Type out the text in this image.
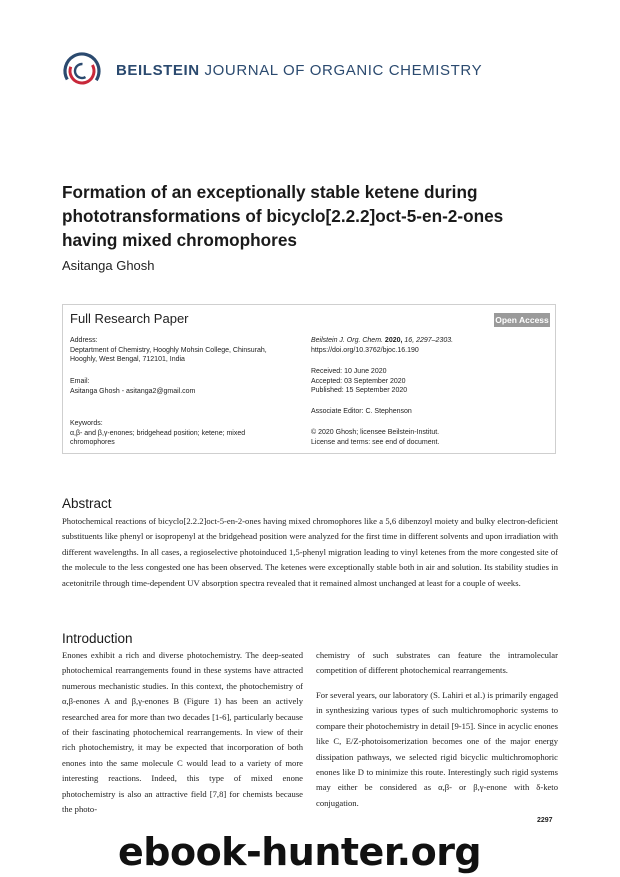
BEILSTEIN JOURNAL OF ORGANIC CHEMISTRY
Formation of an exceptionally stable ketene during phototransformations of bicyclo[2.2.2]oct-5-en-2-ones having mixed chromophores
Asitanga Ghosh
Full Research Paper	Open Access
Address:
Deptartment of Chemistry, Hooghly Mohsin College, Chinsurah, Hooghly, West Bengal, 712101, India
Email:
Asitanga Ghosh - asitanga2@gmail.com
Keywords:
α,β- and β,γ-enones; bridgehead position; ketene; mixed chromophores
Beilstein J. Org. Chem. 2020, 16, 2297–2303.
https://doi.org/10.3762/bjoc.16.190
Received: 10 June 2020
Accepted: 03 September 2020
Published: 15 September 2020
Associate Editor: C. Stephenson
© 2020 Ghosh; licensee Beilstein-Institut.
License and terms: see end of document.
Abstract
Photochemical reactions of bicyclo[2.2.2]oct-5-en-2-ones having mixed chromophores like a 5,6 dibenzoyl moiety and bulky electron-deficient substituents like phenyl or isopropenyl at the bridgehead position were analyzed for the first time in different solvents and upon irradiation with different wavelengths. In all cases, a regioselective photoinduced 1,5-phenyl migration leading to vinyl ketenes from the more congested site of the molecule to the less congested one has been observed. The ketenes were exceptionally stable both in air and solution. Its stability studies in acetonitrile through time-dependent UV absorption spectra revealed that it remained almost unchanged at least for a couple of weeks.
Introduction
Enones exhibit a rich and diverse photochemistry. The deep-seated photochemical rearrangements found in these systems have attracted numerous mechanistic studies. In this context, the photochemistry of α,β-enones A and β,γ-enones B (Figure 1) has been an actively researched area for more than two decades [1-6], particularly because of their fascinating photochemical rearrangements. In view of their rich photochemistry, it may be expected that incorporation of both enones into the same molecule C would lead to a variety of more interesting reactions. Indeed, this type of mixed enone photochemistry is also an attractive field [7,8] for chemists because the photo-
chemistry of such substrates can feature the intramolecular competition of different photochemical rearrangements.
For several years, our laboratory (S. Lahiri et al.) is primarily engaged in synthesizing various types of such multichromophoric systems to compare their photochemistry in detail [9-15]. Since in acyclic enones like C, E/Z-photoisomerization becomes one of the major energy dissipation pathways, we selected rigid bicyclic multichromophoric enones like D to minimize this route. Interestingly such rigid systems may either be considered as α,β- or β,γ-enone with δ-keto conjugation.
2297
ebook-hunter.org
